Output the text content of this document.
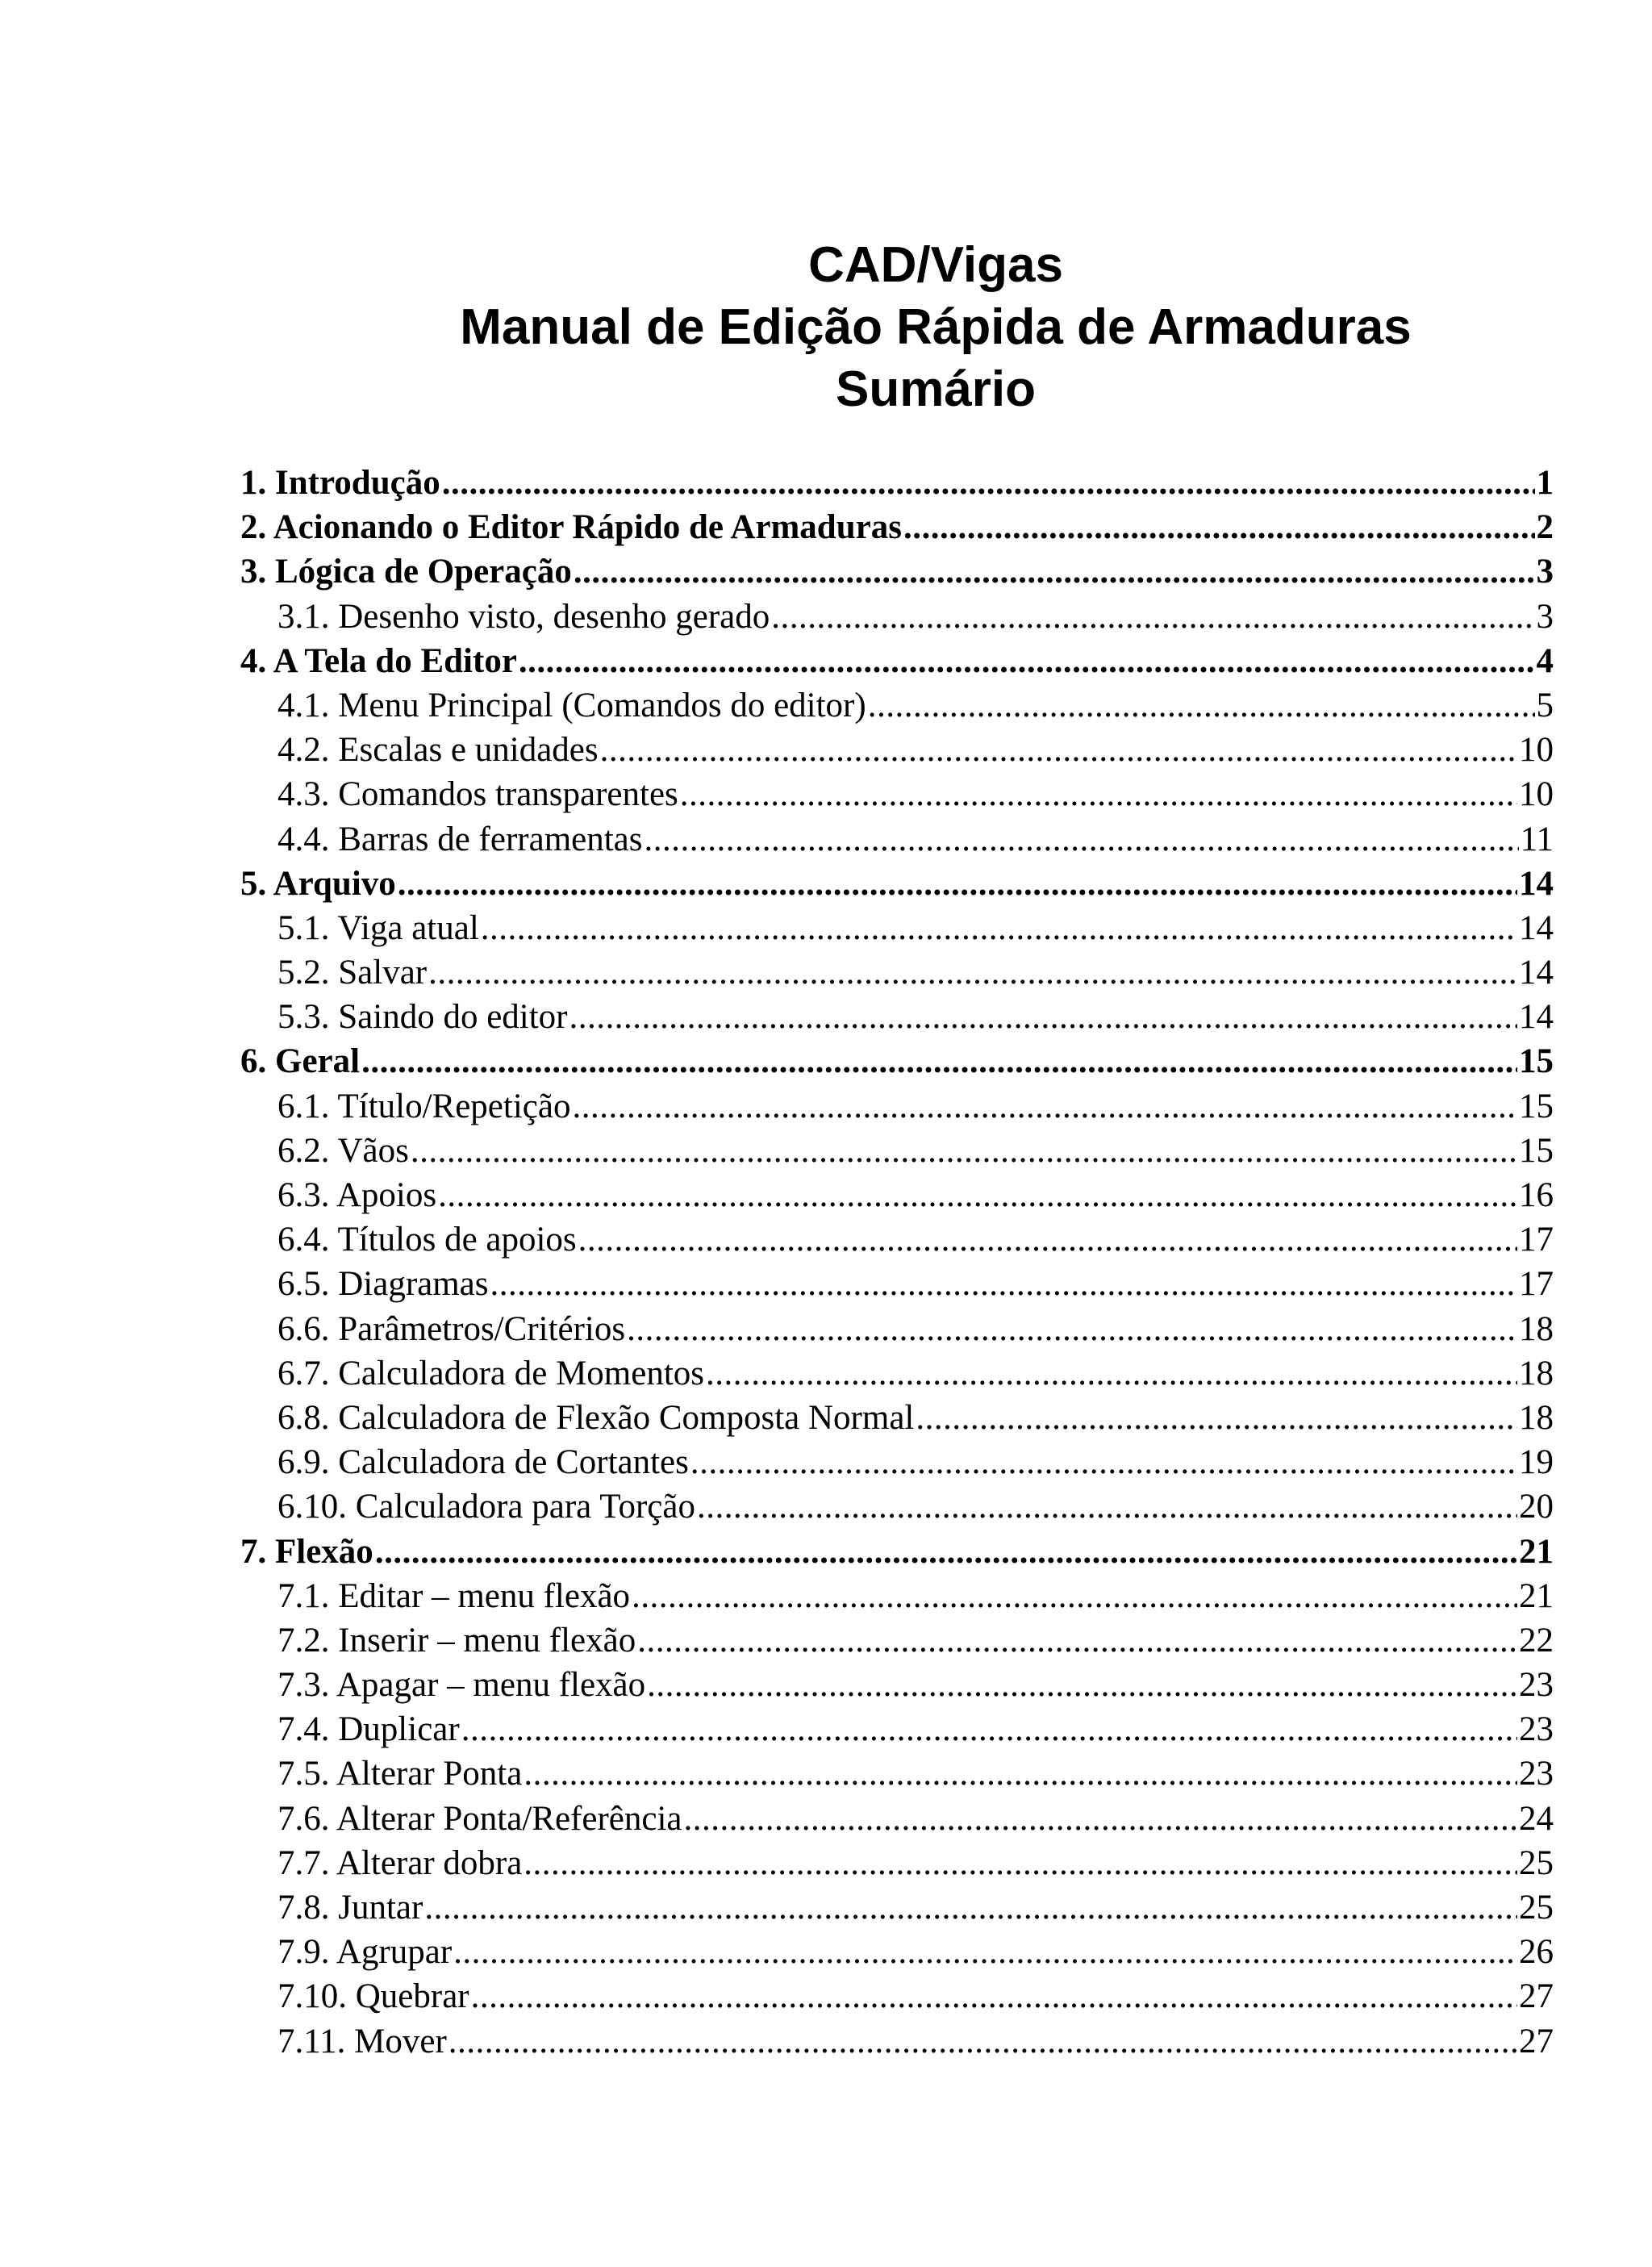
CAD/Vigas
Manual de Edição Rápida de Armaduras
Sumário
1. Introdução .....	1
2. Acionando o Editor Rápido de Armaduras .....	2
3. Lógica de Operação .....	3
3.1. Desenho visto, desenho gerado .....	3
4. A Tela do Editor .....	4
4.1. Menu Principal (Comandos do editor) .....	5
4.2. Escalas e unidades .....	10
4.3. Comandos transparentes .....	10
4.4. Barras de ferramentas .....	11
5. Arquivo .....	14
5.1. Viga atual .....	14
5.2. Salvar .....	14
5.3. Saindo do editor .....	14
6. Geral .....	15
6.1. Título/Repetição .....	15
6.2. Vãos .....	15
6.3. Apoios .....	16
6.4. Títulos de apoios .....	17
6.5. Diagramas .....	17
6.6. Parâmetros/Critérios .....	18
6.7. Calculadora de Momentos .....	18
6.8. Calculadora de Flexão Composta Normal .....	18
6.9. Calculadora de Cortantes .....	19
6.10. Calculadora para Torção .....	20
7. Flexão .....	21
7.1. Editar – menu flexão .....	21
7.2. Inserir – menu flexão .....	22
7.3. Apagar – menu flexão .....	23
7.4. Duplicar .....	23
7.5. Alterar Ponta .....	23
7.6. Alterar Ponta/Referência .....	24
7.7. Alterar dobra .....	25
7.8. Juntar .....	25
7.9. Agrupar .....	26
7.10. Quebrar .....	27
7.11. Mover .....	27
